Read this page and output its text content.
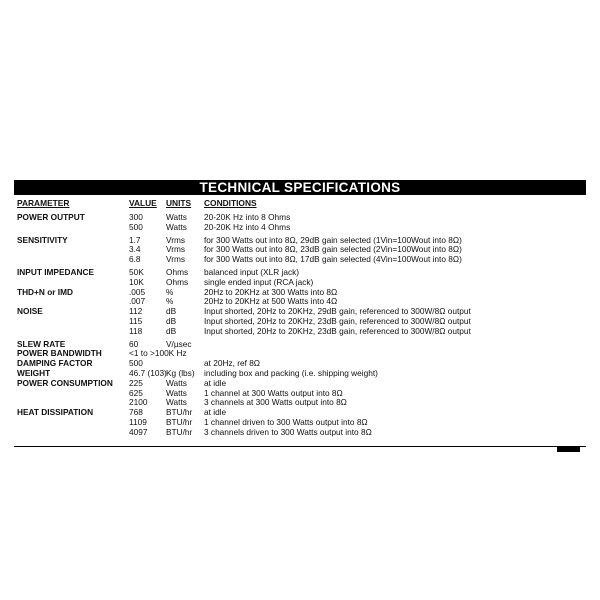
TECHNICAL SPECIFICATIONS
PARAMETER	VALUE UNITS CONDITIONS
POWER OUTPUT	300	Watts 20-20K Hz into 8 Ohms
500	Watts 20-20K Hz into 4 Ohms
SENSITIVITY	1.7	Vrms for 300 Watts out into 8Ω, 29dB gain selected (1Vin=100Wout into 8Ω)
3.4	Vrms for 300 Watts out into 8Ω, 23dB gain selected (2Vin=100Wout into 8Ω)
6.8	Vrms for 300 Watts out into 8Ω, 17dB gain selected (4Vin=100Wout into 8Ω)
INPUT IMPEDANCE	50K	Ohms balanced input (XLR jack)
10K	Ohms single ended input (RCA jack)
THD+N or IMD	.005	%	20Hz to 20KHz at 300 Watts into 8Ω
.007	%	20Hz to 20KHz at 500 Watts into 4Ω
NOISE	112	dB	Input shorted, 20Hz to 20KHz, 29dB gain, referenced to 300W/8Ω output
115	dB	Input shorted, 20Hz to 20KHz, 23dB gain, referenced to 300W/8Ω output
118	dB	Input shorted, 20Hz to 20KHz, 23dB gain, referenced to 300W/8Ω output
SLEW RATE	60	V/µsec
POWER BANDWIDTH	<1 to >100K Hz
DAMPING FACTOR	500	at 20Hz, ref 8Ω
WEIGHT	46.7 (103) Kg (lbs) including box and packing (i.e. shipping weight)
POWER CONSUMPTION 225	Watts at idle
625	Watts 1 channel at 300 Watts output into 8Ω
2100 Watts 3 channels at 300 Watts output into 8Ω
HEAT DISSIPATION	768	BTU/hr at idle
1109 BTU/hr 1 channel driven to 300 Watts output into 8Ω
4097 BTU/hr 3 channels driven to 300 Watts output into 8Ω
